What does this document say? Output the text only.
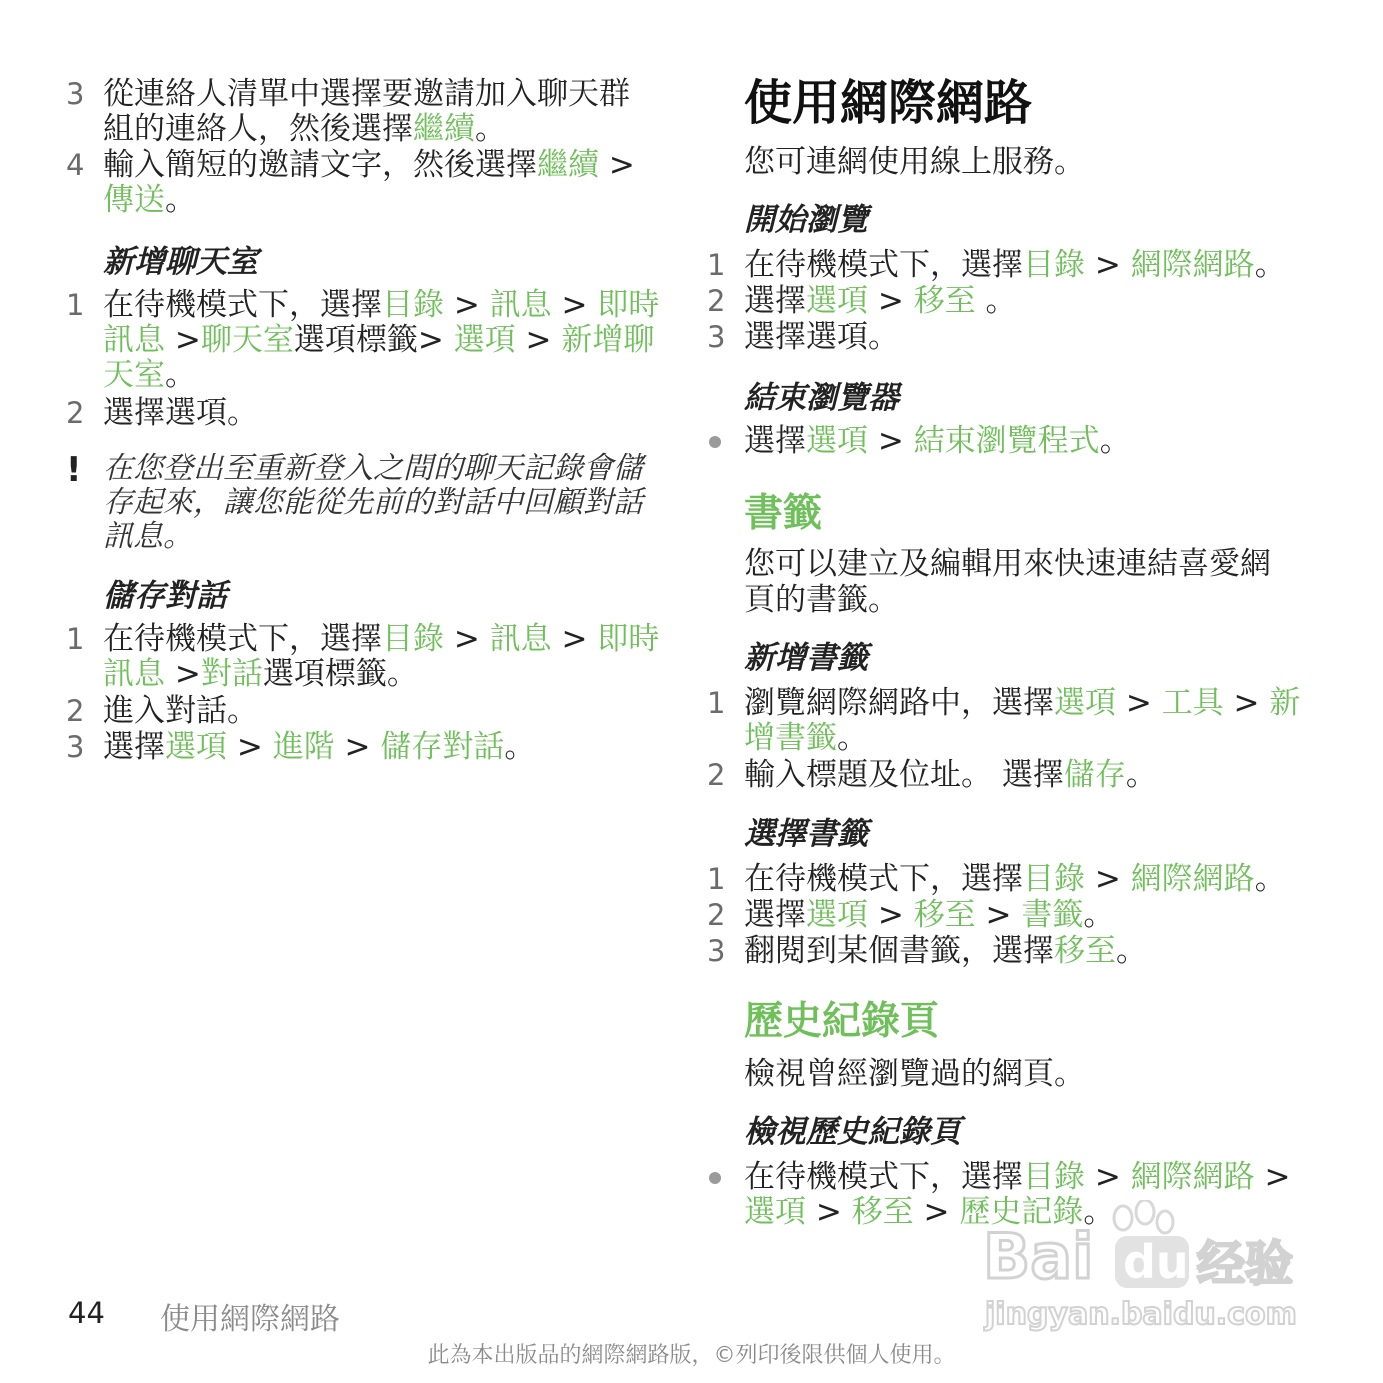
3 從連絡人清單中選擇要邀請加入聊天群
組的連絡人，然後選擇繼續。
4 輸入簡短的邀請文字，然後選擇繼續 >
傳送。
新增聊天室
1 在待機模式下，選擇目錄 > 訊息 > 即時
訊息 >聊天室選項標籤> 選項 > 新增聊
天室。
2 選擇選項。
! 在您登出至重新登入之間的聊天記錄會儲
存起來，讓您能從先前的對話中回顧對話
訊息。
儲存對話
1 在待機模式下，選擇目錄 > 訊息 > 即時
訊息 >對話選項標籤。
2 進入對話。
3 選擇選項 > 進階 > 儲存對話。
使用網際網路
您可連網使用線上服務。
開始瀏覽
1 在待機模式下，選擇目錄 > 網際網路。
2 選擇選項 > 移至 。
3 選擇選項。
結束瀏覽器
選擇選項 > 結束瀏覽程式。
書籤
您可以建立及編輯用來快速連結喜愛網
頁的書籤。
新增書籤
1 瀏覽網際網路中，選擇選項 > 工具 > 新
增書籤。
2 輸入標題及位址。 選擇儲存。
選擇書籤
1 在待機模式下，選擇目錄 > 網際網路。
2 選擇選項 > 移至 > 書籤。
3 翻閱到某個書籤，選擇移至。
歷史紀錄頁
檢視曾經瀏覽過的網頁。
檢視歷史紀錄頁
在待機模式下，選擇目錄 > 網際網路 >
選項 > 移至 > 歷史記錄。
Bai du 经验
jingyan.baidu.com
44 使用網際網路
此為本出版品的網際網路版，©列印後限供個人使用。
